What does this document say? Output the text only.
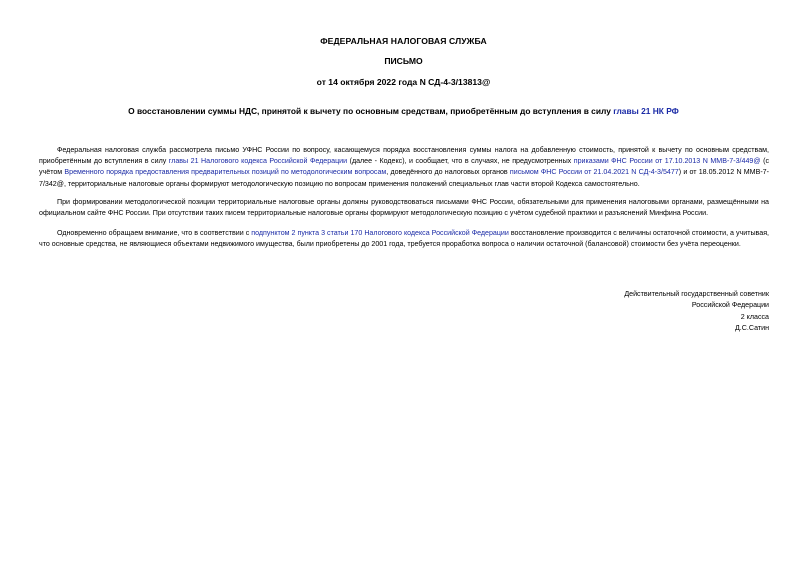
ФЕДЕРАЛЬНАЯ НАЛОГОВАЯ СЛУЖБА
ПИСЬМО
от 14 октября 2022 года N СД-4-3/13813@
О восстановлении суммы НДС, принятой к вычету по основным средствам, приобретённым до вступления в силу главы 21 НК РФ
Федеральная налоговая служба рассмотрела письмо УФНС России по вопросу, касающемуся порядка восстановления суммы налога на добавленную стоимость, принятой к вычету по основным средствам, приобретённым до вступления в силу главы 21 Налогового кодекса Российской Федерации (далее - Кодекс), и сообщает, что в случаях, не предусмотренных приказами ФНС России от 17.10.2013 N ММВ-7-3/449@ (с учётом Временного порядка предоставления предварительных позиций по методологическим вопросам, доведённого до налоговых органов письмом ФНС России от 21.04.2021 N СД-4-3/5477) и от 18.05.2012 N ММВ-7-7/342@, территориальные налоговые органы формируют методологическую позицию по вопросам применения положений специальных глав части второй Кодекса самостоятельно.
При формировании методологической позиции территориальные налоговые органы должны руководствоваться письмами ФНС России, обязательными для применения налоговыми органами, размещёнными на официальном сайте ФНС России. При отсутствии таких писем территориальные налоговые органы формируют методологическую позицию с учётом судебной практики и разъяснений Минфина России.
Одновременно обращаем внимание, что в соответствии с подпунктом 2 пункта 3 статьи 170 Налогового кодекса Российской Федерации восстановление производится с величины остаточной стоимости, а учитывая, что основные средства, не являющиеся объектами недвижимого имущества, были приобретены до 2001 года, требуется проработка вопроса о наличии остаточной (балансовой) стоимости без учёта переоценки.
Действительный государственный советник
Российской Федерации
2 класса
Д.С.Сатин
